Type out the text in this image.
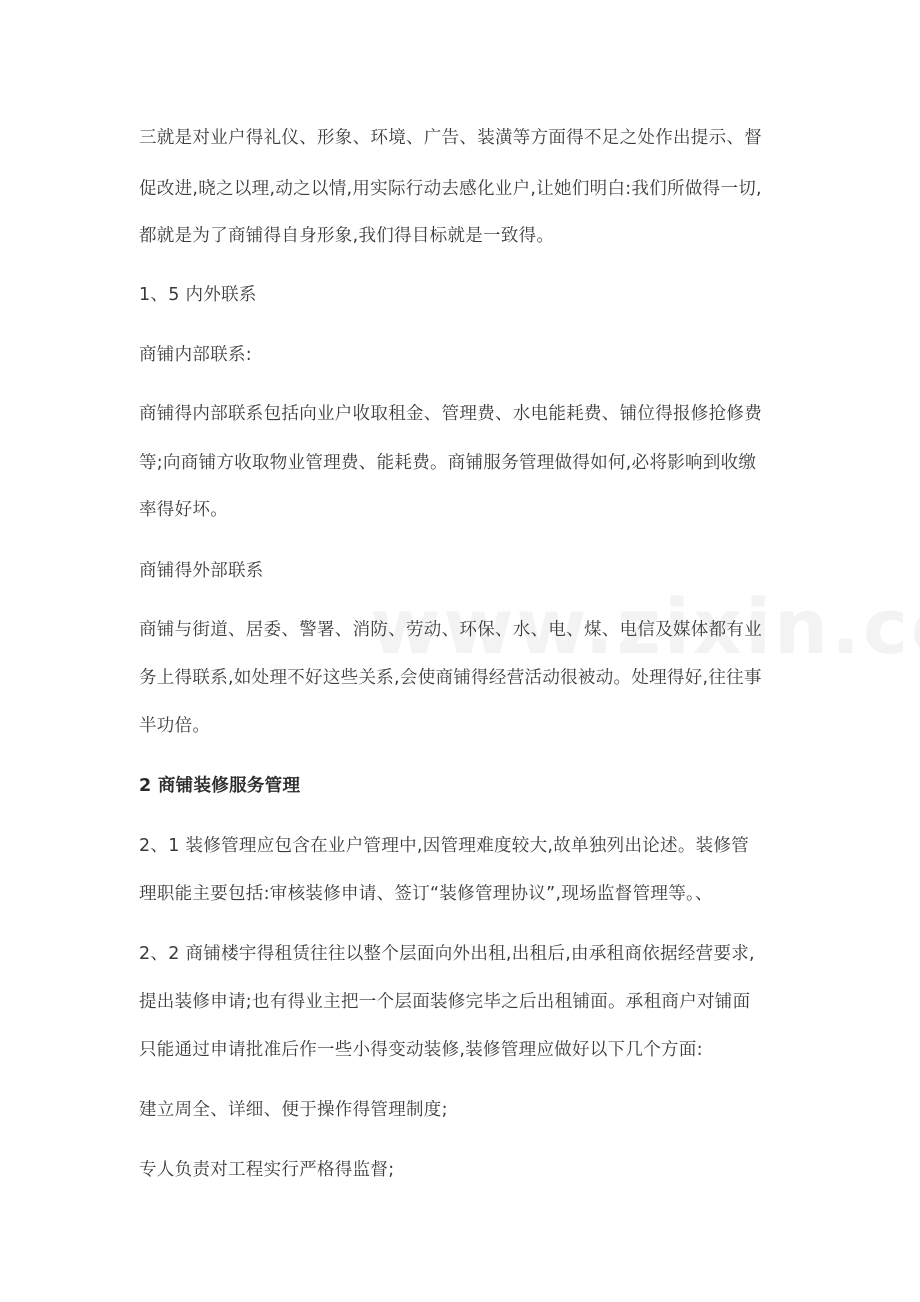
三就是对业户得礼仪、形象、环境、广告、装潢等方面得不足之处作出提示、督
促改进,晓之以理,动之以情,用实际行动去感化业户,让她们明白:我们所做得一切,
都就是为了商铺得自身形象,我们得目标就是一致得。
1、5 内外联系
商铺内部联系:
商铺得内部联系包括向业户收取租金、管理费、水电能耗费、铺位得报修抢修费
等;向商铺方收取物业管理费、能耗费。商铺服务管理做得如何,必将影响到收缴
率得好坏。
商铺得外部联系
商铺与街道、居委、警署、消防、劳动、环保、水、电、煤、电信及媒体都有业
务上得联系,如处理不好这些关系,会使商铺得经营活动很被动。处理得好,往往事
半功倍。
2 商铺装修服务管理
2、1 装修管理应包含在业户管理中,因管理难度较大,故单独列出论述。装修管
理职能主要包括:审核装修申请、签订“装修管理协议”,现场监督管理等。、
2、2 商铺楼宇得租赁往往以整个层面向外出租,出租后,由承租商依据经营要求,
提出装修申请;也有得业主把一个层面装修完毕之后出租铺面。承租商户对铺面
只能通过申请批准后作一些小得变动装修,装修管理应做好以下几个方面:
建立周全、详细、便于操作得管理制度;
专人负责对工程实行严格得监督;
